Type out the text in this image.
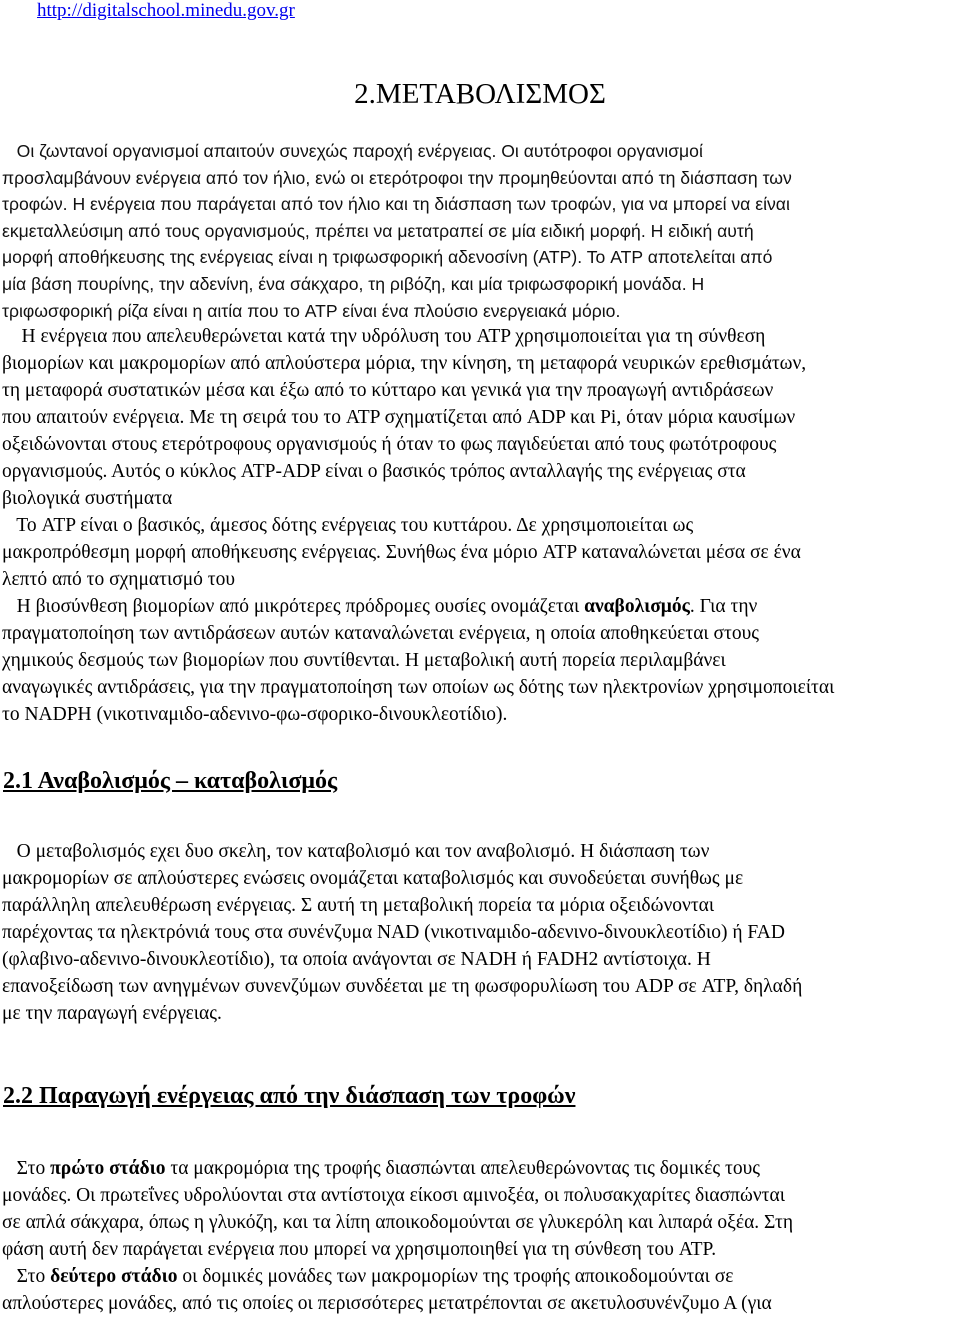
http://digitalschool.minedu.gov.gr
2.ΜΕΤΑΒΟΛΙΣΜΟΣ
Οι ζωντανοί οργανισμοί απαιτούν συνεχώς παροχή ενέργειας. Οι αυτότροφοι οργανισμοί
προσλαμβάνουν ενέργεια από τον ήλιο, ενώ οι ετερότροφοι την προμηθεύονται από τη διάσπαση των
τροφών. Η ενέργεια που παράγεται από τον ήλιο και τη διάσπαση των τροφών, για να μπορεί να είναι
εκμεταλλεύσιμη από τους οργανισμούς, πρέπει να μετατραπεί σε μία ειδική μορφή. Η ειδική αυτή
μορφή αποθήκευσης της ενέργειας είναι η τριφωσφορική αδενοσίνη (ATP). Το ATP αποτελείται από
μία βάση πουρίνης, την αδενίνη, ένα σάκχαρο, τη ριβόζη, και μία τριφωσφορική μονάδα. Η
τριφωσφορική ρίζα είναι η αιτία που το ATP είναι ένα πλούσιο ενεργειακά μόριο.
Η ενέργεια που απελευθερώνεται κατά την υδρόλυση του ATP χρησιμοποιείται για τη σύνθεση
βιομορίων και μακρομορίων από απλούστερα μόρια, την κίνηση, τη μεταφορά νευρικών ερεθισμάτων,
τη μεταφορά συστατικών μέσα και έξω από το κύτταρο και γενικά για την προαγωγή αντιδράσεων
που απαιτούν ενέργεια. Με τη σειρά του το ATP σχηματίζεται από ADP και Pi, όταν μόρια καυσίμων
οξειδώνονται στους ετερότροφους οργανισμούς ή όταν το φως παγιδεύεται από τους φωτότροφους
οργανισμούς. Αυτός ο κύκλος ATP-ADP είναι ο βασικός τρόπος ανταλλαγής της ενέργειας στα
βιολογικά συστήματα
Το ATP είναι ο βασικός, άμεσος δότης ενέργειας του κυττάρου. Δε χρησιμοποιείται ως
μακροπρόθεσμη μορφή αποθήκευσης ενέργειας. Συνήθως ένα μόριο ATP καταναλώνεται μέσα σε ένα
λεπτό από το σχηματισμό του
Η βιοσύνθεση βιομορίων από μικρότερες πρόδρομες ουσίες ονομάζεται αναβολισμός. Για την
πραγματοποίηση των αντιδράσεων αυτών καταναλώνεται ενέργεια, η οποία αποθηκεύεται στους
χημικούς δεσμούς των βιομορίων που συντίθενται. Η μεταβολική αυτή πορεία περιλαμβάνει
αναγωγικές αντιδράσεις, για την πραγματοποίηση των οποίων ως δότης των ηλεκτρονίων χρησιμοποιείται
το NADPH (νικοτιναμιδο-αδενινο-φω-σφορικο-δινουκλεοτίδιο).
2.1 Αναβολισμός – καταβολισμός
Ο μεταβολισμός εχει δυο σκελη, τον καταβολισμό και τον αναβολισμό. Η διάσπαση των
μακρομορίων σε απλούστερες ενώσεις ονομάζεται καταβολισμός και συνοδεύεται συνήθως με
παράλληλη απελευθέρωση ενέργειας. Σ αυτή τη μεταβολική πορεία τα μόρια οξειδώνονται
παρέχοντας τα ηλεκτρόνιά τους στα συνένζυμα NAD (νικοτιναμιδο-αδενινο-δινουκλεοτίδιο) ή FAD
(φλαβινο-αδενινο-δινουκλεοτίδιο), τα οποία ανάγονται σε NADH ή FADH2 αντίστοιχα. Η
επανοξείδωση των ανηγμένων συνενζύμων συνδέεται με τη φωσφορυλίωση του ADP σε ATP, δηλαδή
με την παραγωγή ενέργειας.
2.2 Παραγωγή ενέργειας από την διάσπαση των τροφών
Στο πρώτο στάδιο τα μακρομόρια της τροφής διασπώνται απελευθερώνοντας τις δομικές τους
μονάδες. Οι πρωτεΐνες υδρολύονται στα αντίστοιχα είκοσι αμινοξέα, οι πολυσακχαρίτες διασπώνται
σε απλά σάκχαρα, όπως η γλυκόζη, και τα λίπη αποικοδομούνται σε γλυκερόλη και λιπαρά οξέα. Στη
φάση αυτή δεν παράγεται ενέργεια που μπορεί να χρησιμοποιηθεί για τη σύνθεση του ATP.
Στο δεύτερο στάδιο οι δομικές μονάδες των μακρομορίων της τροφής αποικοδομούνται σε
απλούστερες μονάδες, από τις οποίες οι περισσότερες μετατρέπονται σε ακετυλοσυνένζυμο Α (για
